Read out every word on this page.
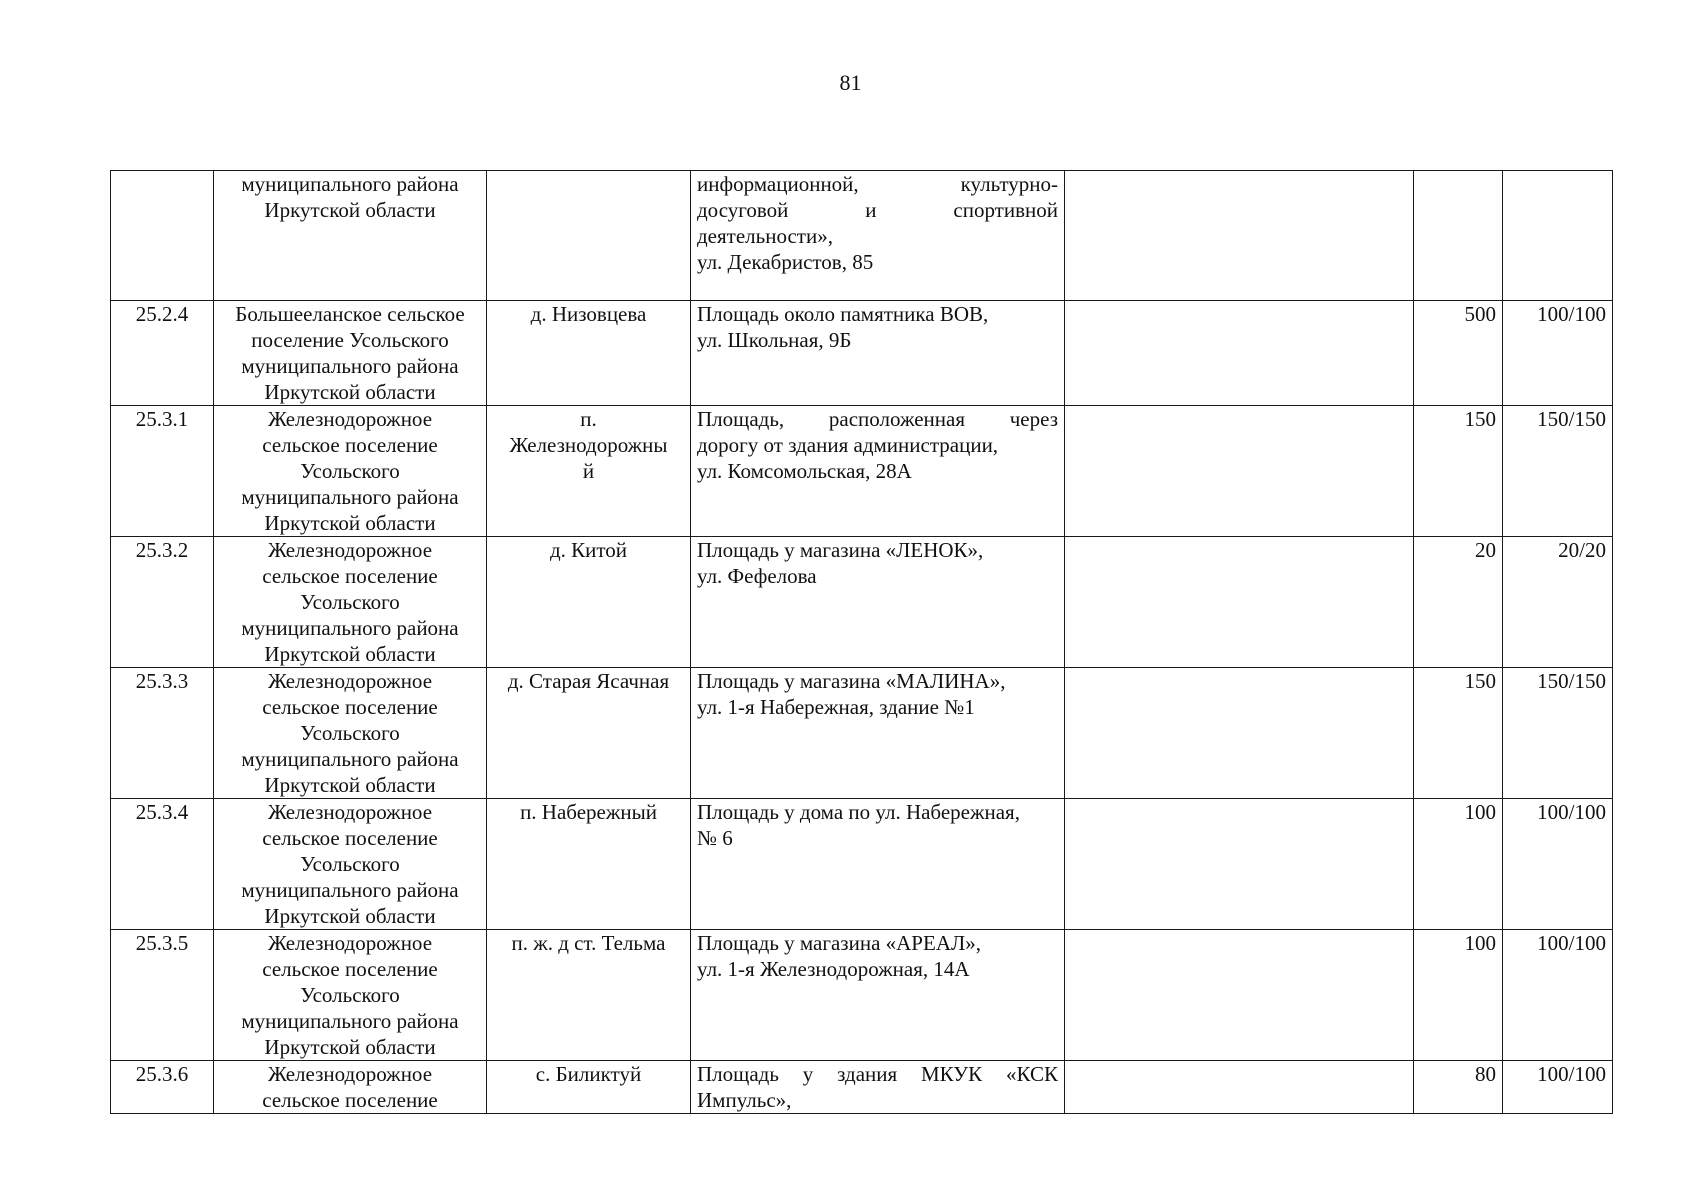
81

	муниципального района
Иркутской области		информационной, культурно-
досуговой и спортивной
деятельности»,
ул. Декабристов, 85			

25.2.4	Большееланское сельское
поселение Усольского
муниципального района
Иркутской области	д. Низовцева	Площадь около памятника ВОВ,
ул. Школьная, 9Б		500	100/100

25.3.1	Железнодорожное
сельское поселение
Усольского
муниципального района
Иркутской области	п.
Железнодорожны
й	Площадь, расположенная через
дорогу от здания администрации,
ул. Комсомольская, 28А		150	150/150

25.3.2	Железнодорожное
сельское поселение
Усольского
муниципального района
Иркутской области	д. Китой	Площадь у магазина «ЛЕНОК»,
ул. Фефелова		20	20/20

25.3.3	Железнодорожное
сельское поселение
Усольского
муниципального района
Иркутской области	д. Старая Ясачная	Площадь у магазина «МАЛИНА»,
ул. 1-я Набережная, здание №1		150	150/150

25.3.4	Железнодорожное
сельское поселение
Усольского
муниципального района
Иркутской области	п. Набережный	Площадь у дома по ул. Набережная,
№ 6		100	100/100

25.3.5	Железнодорожное
сельское поселение
Усольского
муниципального района
Иркутской области	п. ж. д ст. Тельма	Площадь у магазина «АРЕАЛ»,
ул. 1-я Железнодорожная, 14А		100	100/100

25.3.6	Железнодорожное
сельское поселение	с. Биликтуй	Площадь у здания МКУК «КСК
Импульс»,		80	100/100
